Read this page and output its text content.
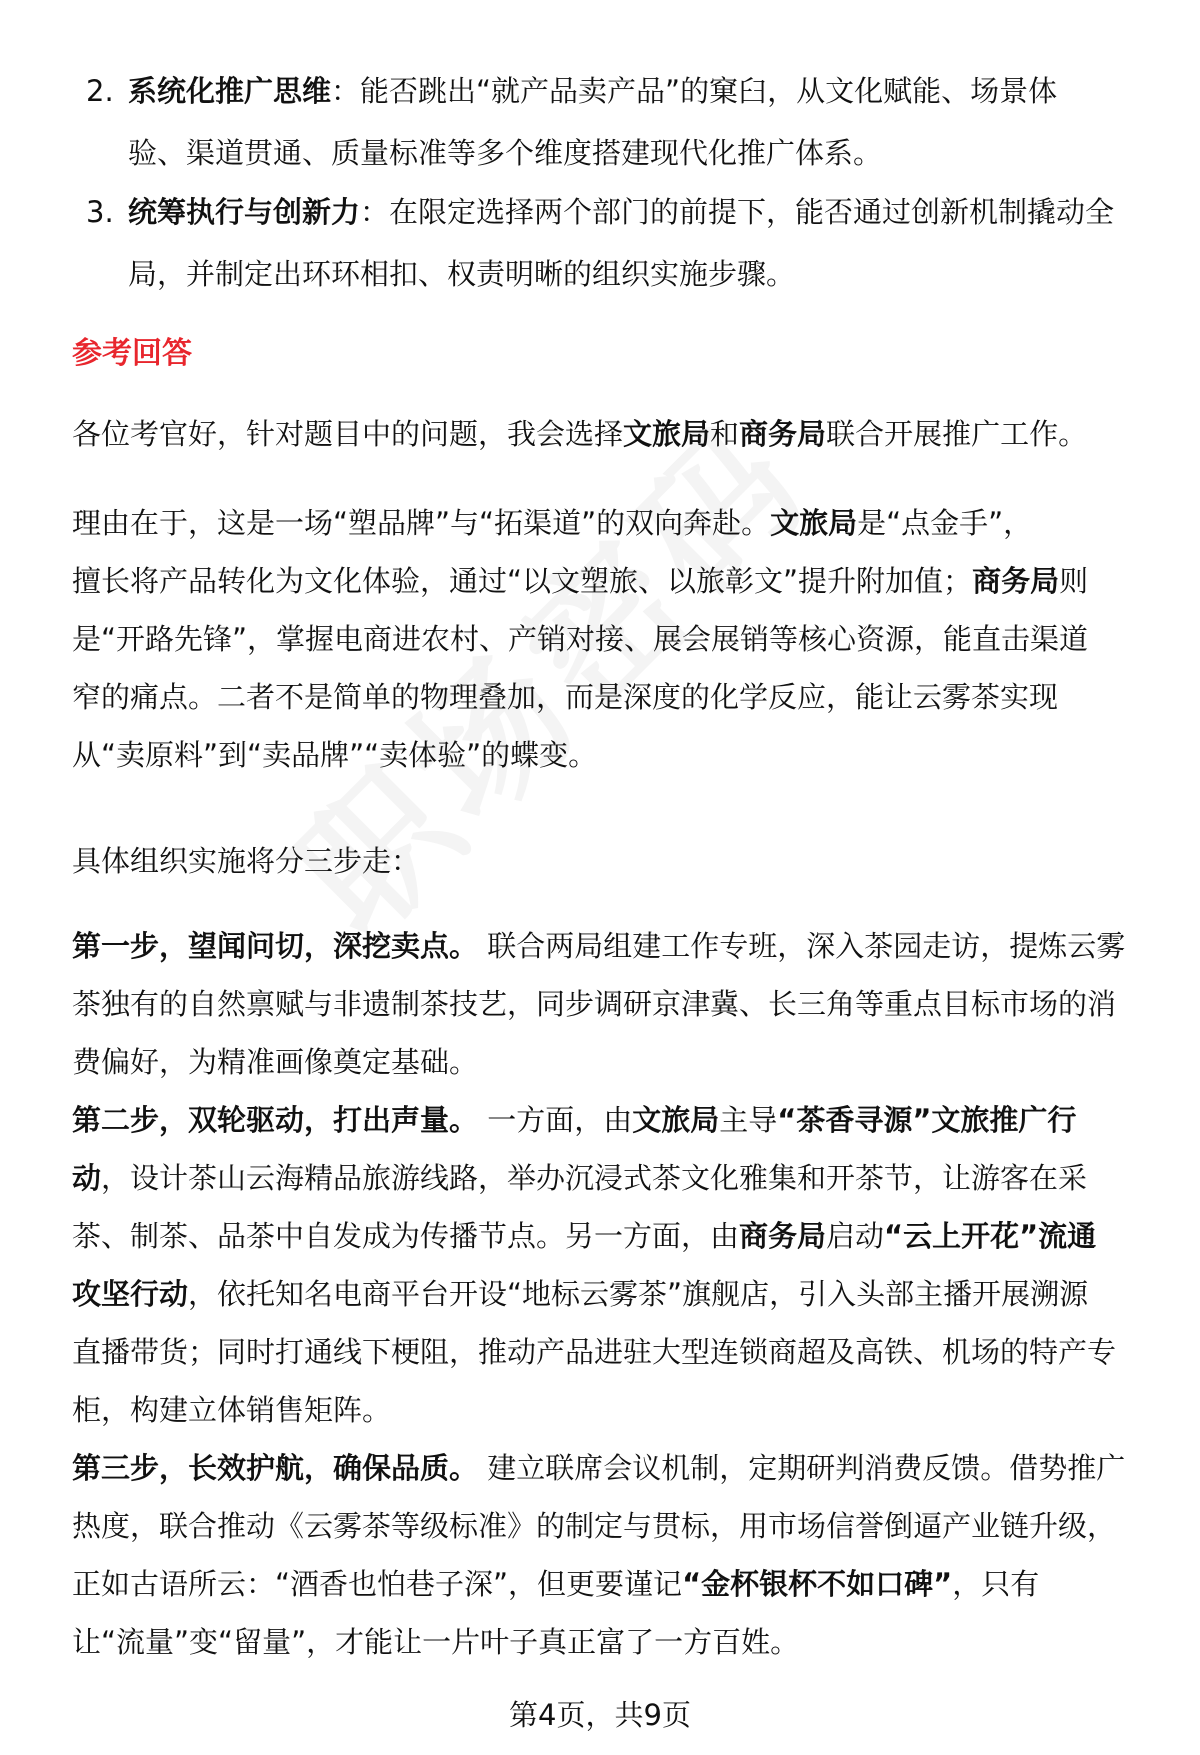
2. 系统化推广思维：能否跳出“就产品卖产品”的窠臼，从文化赋能、场景体
验、渠道贯通、质量标准等多个维度搭建现代化推广体系。
3. 统筹执行与创新力：在限定选择两个部门的前提下，能否通过创新机制撬动全
局，并制定出环环相扣、权责明晰的组织实施步骤。
参考回答
各位考官好，针对题目中的问题，我会选择文旅局和商务局联合开展推广工作。
理由在于，这是一场“塑品牌”与“拓渠道”的双向奔赴。文旅局是“点金手”，
擅长将产品转化为文化体验，通过“以文塑旅、以旅彰文”提升附加值；商务局则
是“开路先锋”，掌握电商进农村、产销对接、展会展销等核心资源，能直击渠道
窄的痛点。二者不是简单的物理叠加，而是深度的化学反应，能让云雾茶实现
从“卖原料”到“卖品牌”“卖体验”的蝶变。
具体组织实施将分三步走：
第一步，望闻问切，深挖卖点。 联合两局组建工作专班，深入茶园走访，提炼云雾
茶独有的自然禀赋与非遗制茶技艺，同步调研京津冀、长三角等重点目标市场的消
费偏好，为精准画像奠定基础。
第二步，双轮驱动，打出声量。 一方面，由文旅局主导“茶香寻源”文旅推广行
动，设计茶山云海精品旅游线路，举办沉浸式茶文化雅集和开茶节，让游客在采
茶、制茶、品茶中自发成为传播节点。另一方面，由商务局启动“云上开花”流通
攻坚行动，依托知名电商平台开设“地标云雾茶”旗舰店，引入头部主播开展溯源
直播带货；同时打通线下梗阻，推动产品进驻大型连锁商超及高铁、机场的特产专
柜，构建立体销售矩阵。
第三步，长效护航，确保品质。 建立联席会议机制，定期研判消费反馈。借势推广
热度，联合推动《云雾茶等级标准》的制定与贯标，用市场信誉倒逼产业链升级，
正如古语所云：“酒香也怕巷子深”，但更要谨记“金杯银杯不如口碑”，只有
让“流量”变“留量”，才能让一片叶子真正富了一方百姓。
第4页，共9页
